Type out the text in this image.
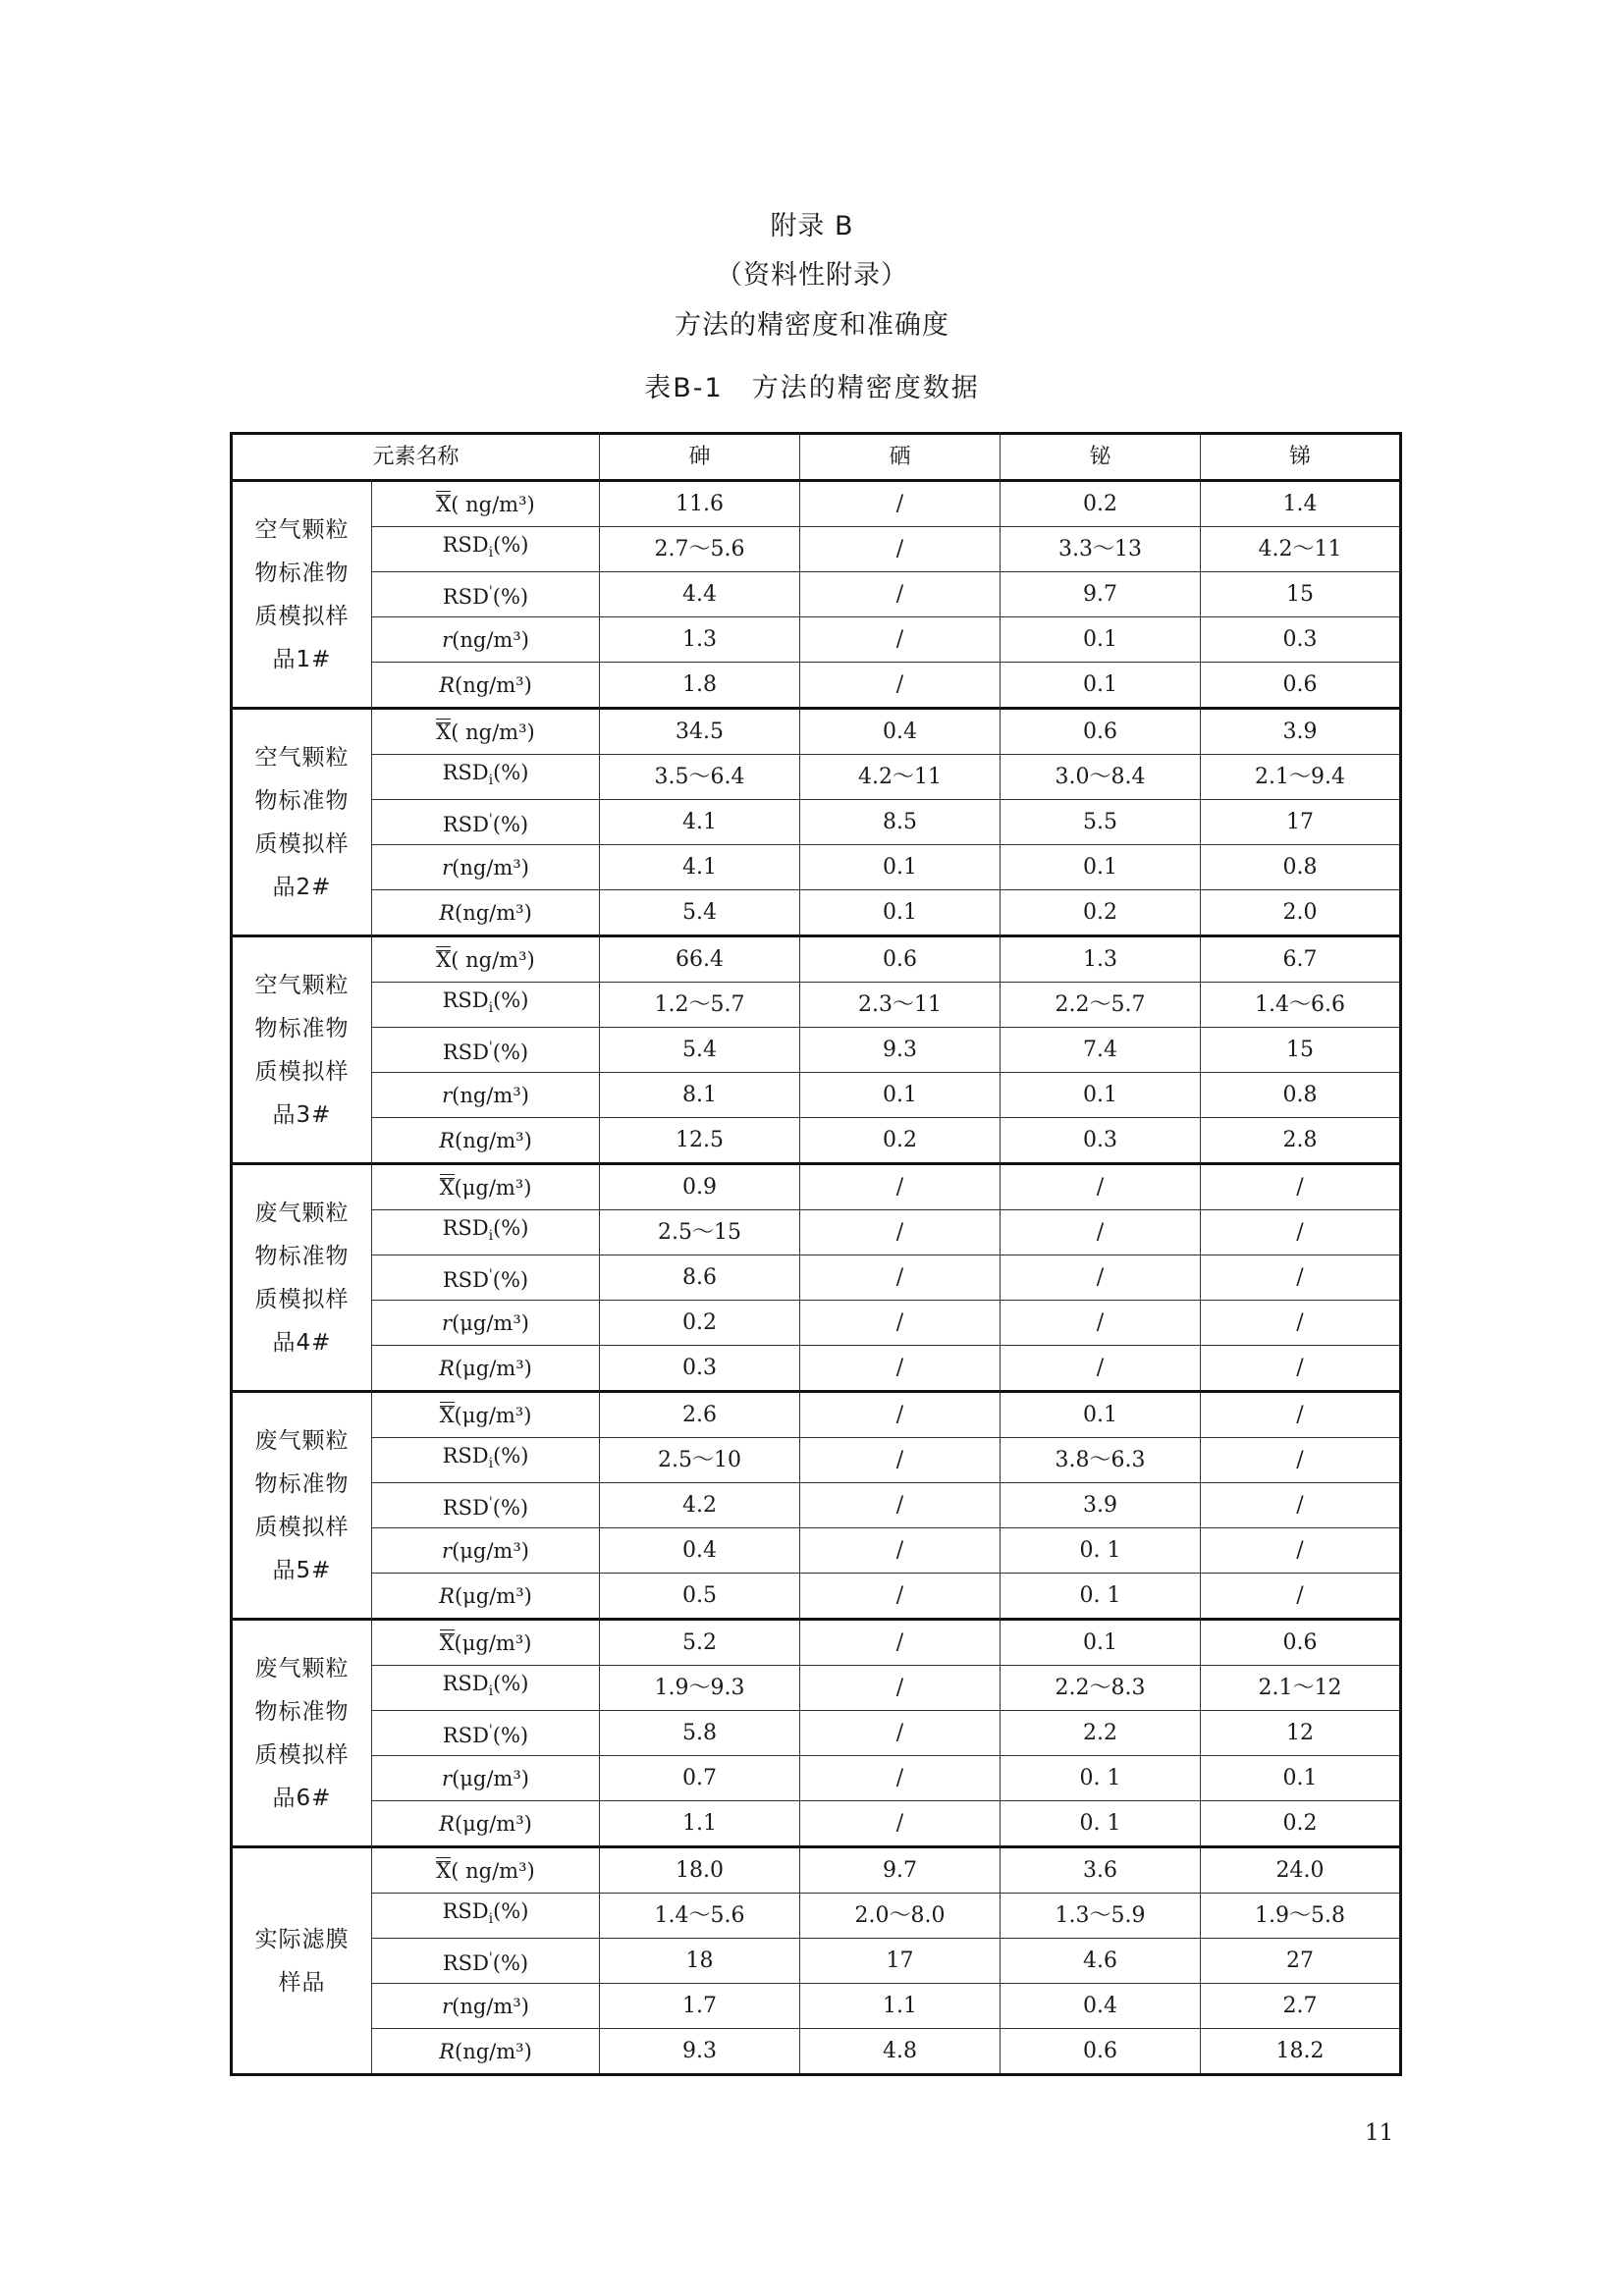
附录 B
（资料性附录）
方法的精密度和准确度
表B-1　方法的精密度数据
元素名称		砷	硒	铋	锑

空气颗粒
物标准物
质模拟样
品1#	X( ng/m³)	11.6	/	0.2	1.4
	$RSD_i(\%)$	2.7～5.6	/	3.3～13	4.2～11
	RSD'(%)	4.4	/	9.7	15
	r(ng/m³)	1.3	/	0.1	0.3
	R(ng/m³)	1.8	/	0.1	0.6

空气颗粒
物标准物
质模拟样
品2#	X( ng/m³)	34.5	0.4	0.6	3.9
	$RSD_i(\%)$	3.5～6.4	4.2～11	3.0～8.4	2.1～9.4
	RSD'(%)	4.1	8.5	5.5	17
	r(ng/m³)	4.1	0.1	0.1	0.8
	R(ng/m³)	5.4	0.1	0.2	2.0

空气颗粒
物标准物
质模拟样
品3#	X( ng/m³)	66.4	0.6	1.3	6.7
	$RSD_i(\%)$	1.2～5.7	2.3～11	2.2～5.7	1.4～6.6
	RSD'(%)	5.4	9.3	7.4	15
	r(ng/m³)	8.1	0.1	0.1	0.8
	R(ng/m³)	12.5	0.2	0.3	2.8

废气颗粒
物标准物
质模拟样
品4#	X(μg/m³)	0.9	/	/	/
	$RSD_i(\%)$	2.5～15	/	/	/
	RSD'(%)	8.6	/	/	/
	r(μg/m³)	0.2	/	/	/
	R(μg/m³)	0.3	/	/	/

废气颗粒
物标准物
质模拟样
品5#	X(μg/m³)	2.6	/	0.1	/
	$RSD_i(\%)$	2.5～10	/	3.8～6.3	/
	RSD'(%)	4.2	/	3.9	/
	r(μg/m³)	0.4	/	0. 1	/
	R(μg/m³)	0.5	/	0. 1	/

废气颗粒
物标准物
质模拟样
品6#	X(μg/m³)	5.2	/	0.1	0.6
	$RSD_i(\%)$	1.9～9.3	/	2.2～8.3	2.1～12
	RSD'(%)	5.8	/	2.2	12
	r(μg/m³)	0.7	/	0. 1	0.1
	R(μg/m³)	1.1	/	0. 1	0.2

实际滤膜
样品	X( ng/m³)	18.0	9.7	3.6	24.0
	$RSD_i(\%)$	1.4～5.6	2.0～8.0	1.3～5.9	1.9～5.8
	RSD'(%)	18	17	4.6	27
	r(ng/m³)	1.7	1.1	0.4	2.7
	R(ng/m³)	9.3	4.8	0.6	18.2
11
